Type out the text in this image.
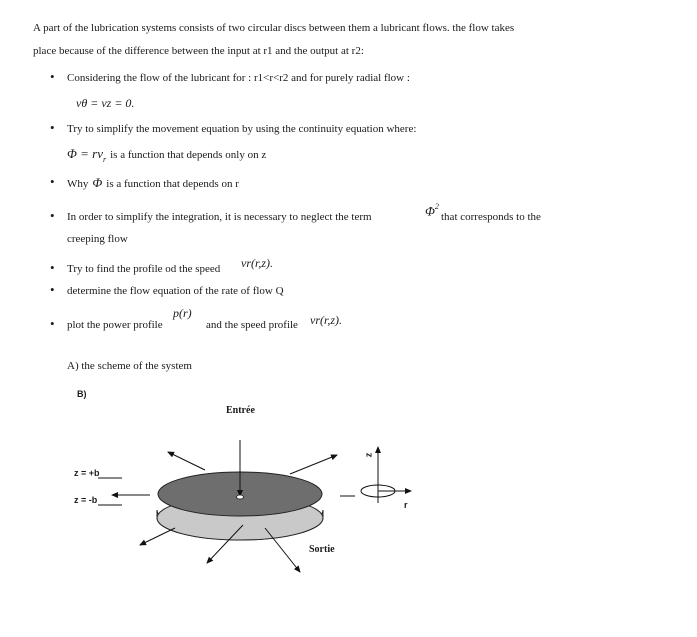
A part of the lubrication systems consists of two circular discs between them a lubricant flows. the flow takes
place because of the difference between the input at r1 and the output at r2:
• Considering the flow of the lubricant for : r1<r<r2 and for purely radial flow :
vθ = vz = 0.
• Try to simplify the movement equation by using the continuity equation where:
$\Phi = rv_r$ is a function that depends only on z
• Why Φ is a function that depends on r
• In order to simplify the integration, it is necessary to neglect the term	$\Phi^2$
that corresponds to the
creeping flow
• Try to find the profile od the speed vr(r,z).
• determine the flow equation of the rate of flow Q
• plot the power profile
p(r)
and the speed profile vr(r,z).
A) the scheme of the system
B)
Entrée
Sortie
z = +b
z = -b
z
r
